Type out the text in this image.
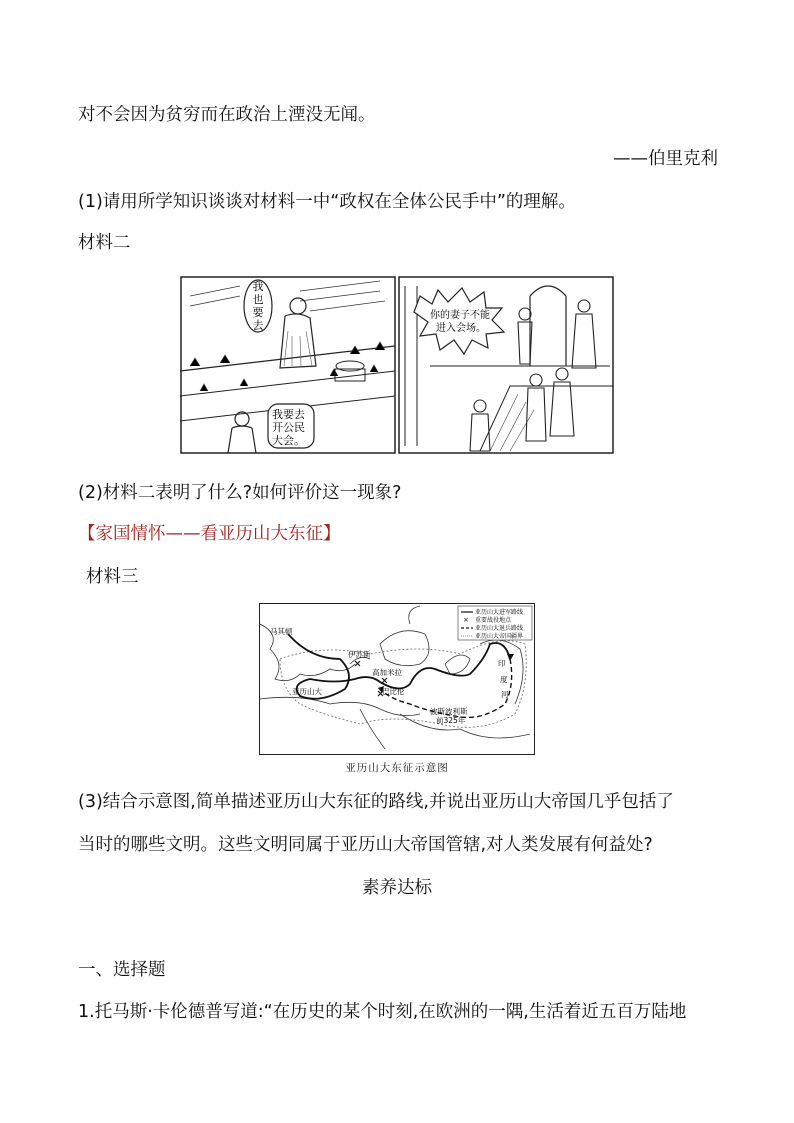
对不会因为贫穷而在政治上湮没无闻。
——伯里克利
(1)请用所学知识谈谈对材料一中“政权在全体公民手中”的理解。
材料二
我
也
要
去
我要去
开公民
大会。
你的妻子不能
进入会场。
(2)材料二表明了什么?如何评价这一现象?
【家国情怀——看亚历山大东征】
材料三
亚历山大进军路线
× 重要战役地点
亚历山大退兵路线
亚历山大帝国疆界
马其顿
伊苏斯
高加米拉
巴比伦
亚历山大
波斯波利斯
前325年
印
度
河
亚历山大东征示意图
(3)结合示意图,简单描述亚历山大东征的路线,并说出亚历山大帝国几乎包括了
当时的哪些文明。这些文明同属于亚历山大帝国管辖,对人类发展有何益处?
素养达标
一、选择题
1.托马斯·卡伦德普写道:“在历史的某个时刻,在欧洲的一隅,生活着近五百万陆地
